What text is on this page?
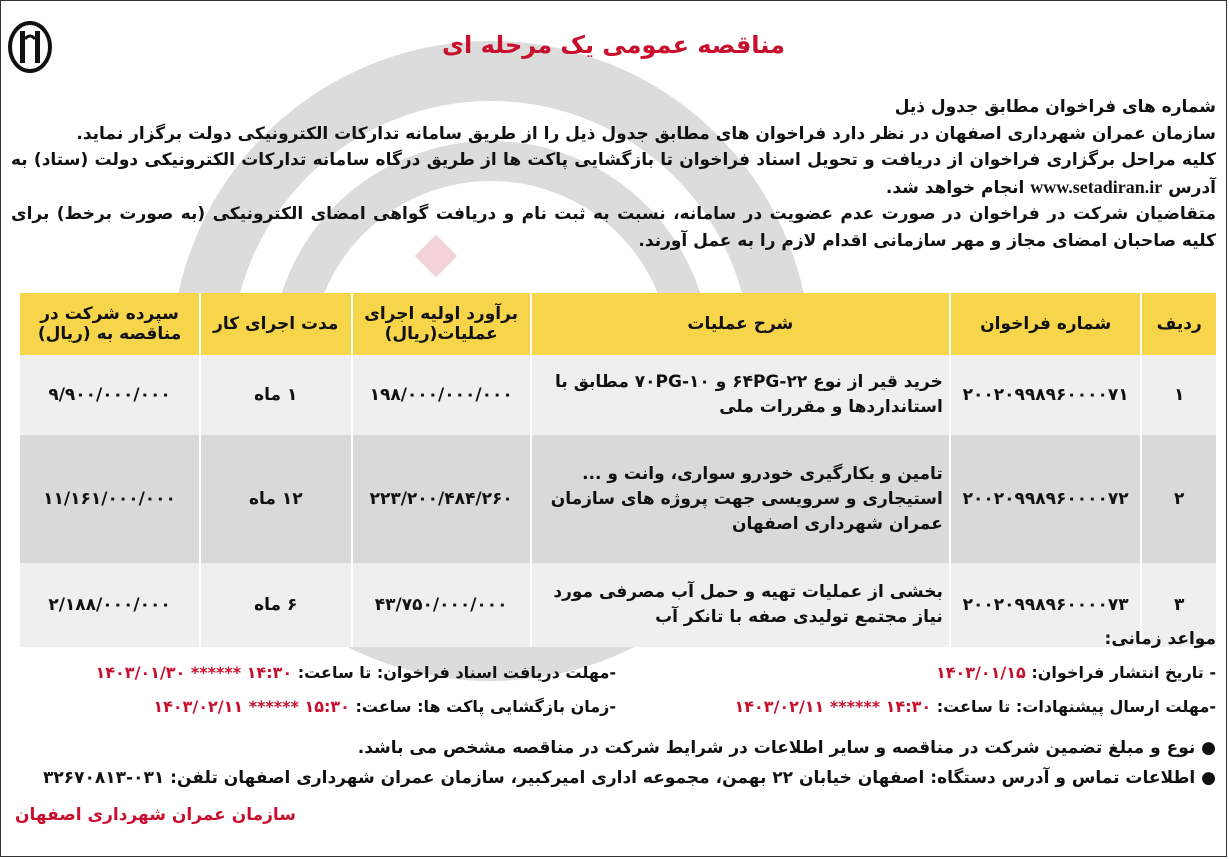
مناقصه عمومی یک مرحله ای

شماره های فراخوان مطابق جدول ذیل

سازمان عمران شهرداری اصفهان در نظر دارد فراخوان های مطابق جدول ذیل را از طریق سامانه تدارکات الکترونیکی دولت برگزار نماید.

کلیه مراحل برگزاری فراخوان از دریافت و تحویل اسناد فراخوان تا بازگشایی پاکت ها از طریق درگاه سامانه تدارکات الکترونیکی دولت (ستاد) به آدرس www.setadiran.ir انجام خواهد شد.

متقاضیان شرکت در فراخوان در صورت عدم عضویت در سامانه، نسبت به ثبت نام و دریافت گواهی امضای الکترونیکی (به صورت برخط) برای کلیه صاحبان امضای مجاز و مهر سازمانی اقدام لازم را به عمل آورند.

ردیف	شماره فراخوان	شرح عملیات	برآورد اولیه اجرای عملیات(ریال)	مدت اجرای کار	سپرده شرکت در مناقصه به (ریال)
۱	۲۰۰۲۰۹۹۸۹۶۰۰۰۰۷۱	خرید قیر از نوع ۲۲-۶۴PG و ۱۰-۷۰PG مطابق با استانداردها و مقررات ملی	۱۹۸/۰۰۰/۰۰۰/۰۰۰	۱ ماه	۹/۹۰۰/۰۰۰/۰۰۰
۲	۲۰۰۲۰۹۹۸۹۶۰۰۰۰۷۲	تامین و بکارگیری خودرو سواری، وانت و ... استیجاری و سرویسی جهت پروژه های سازمان عمران شهرداری اصفهان	۲۲۳/۲۰۰/۴۸۴/۲۶۰	۱۲ ماه	۱۱/۱۶۱/۰۰۰/۰۰۰
۳	۲۰۰۲۰۹۹۸۹۶۰۰۰۰۷۳	بخشی از عملیات تهیه و حمل آب مصرفی مورد نیاز مجتمع تولیدی صفه با تانکر آب	۴۳/۷۵۰/۰۰۰/۰۰۰	۶ ماه	۲/۱۸۸/۰۰۰/۰۰۰
مواعد زمانی:
- تاریخ انتشار فراخوان: ۱۴۰۳/۰۱/۱۵
-مهلت دریافت اسناد فراخوان: تا ساعت: ۱۴:۳۰ ****** ۱۴۰۳/۰۱/۳۰
-مهلت ارسال پیشنهادات: تا ساعت: ۱۴:۳۰ ****** ۱۴۰۳/۰۲/۱۱
-زمان بازگشایی پاکت ها: ساعت: ۱۵:۳۰ ****** ۱۴۰۳/۰۲/۱۱

● نوع و مبلغ تضمین شرکت در مناقصه و سایر اطلاعات در شرایط شرکت در مناقصه مشخص می باشد.

● اطلاعات تماس و آدرس دستگاه: اصفهان خیابان ۲۲ بهمن، مجموعه اداری امیرکبیر، سازمان عمران شهرداری اصفهان تلفن: ۰۳۱-۳۲۶۷۰۸۱۳

سازمان عمران شهرداری اصفهان
